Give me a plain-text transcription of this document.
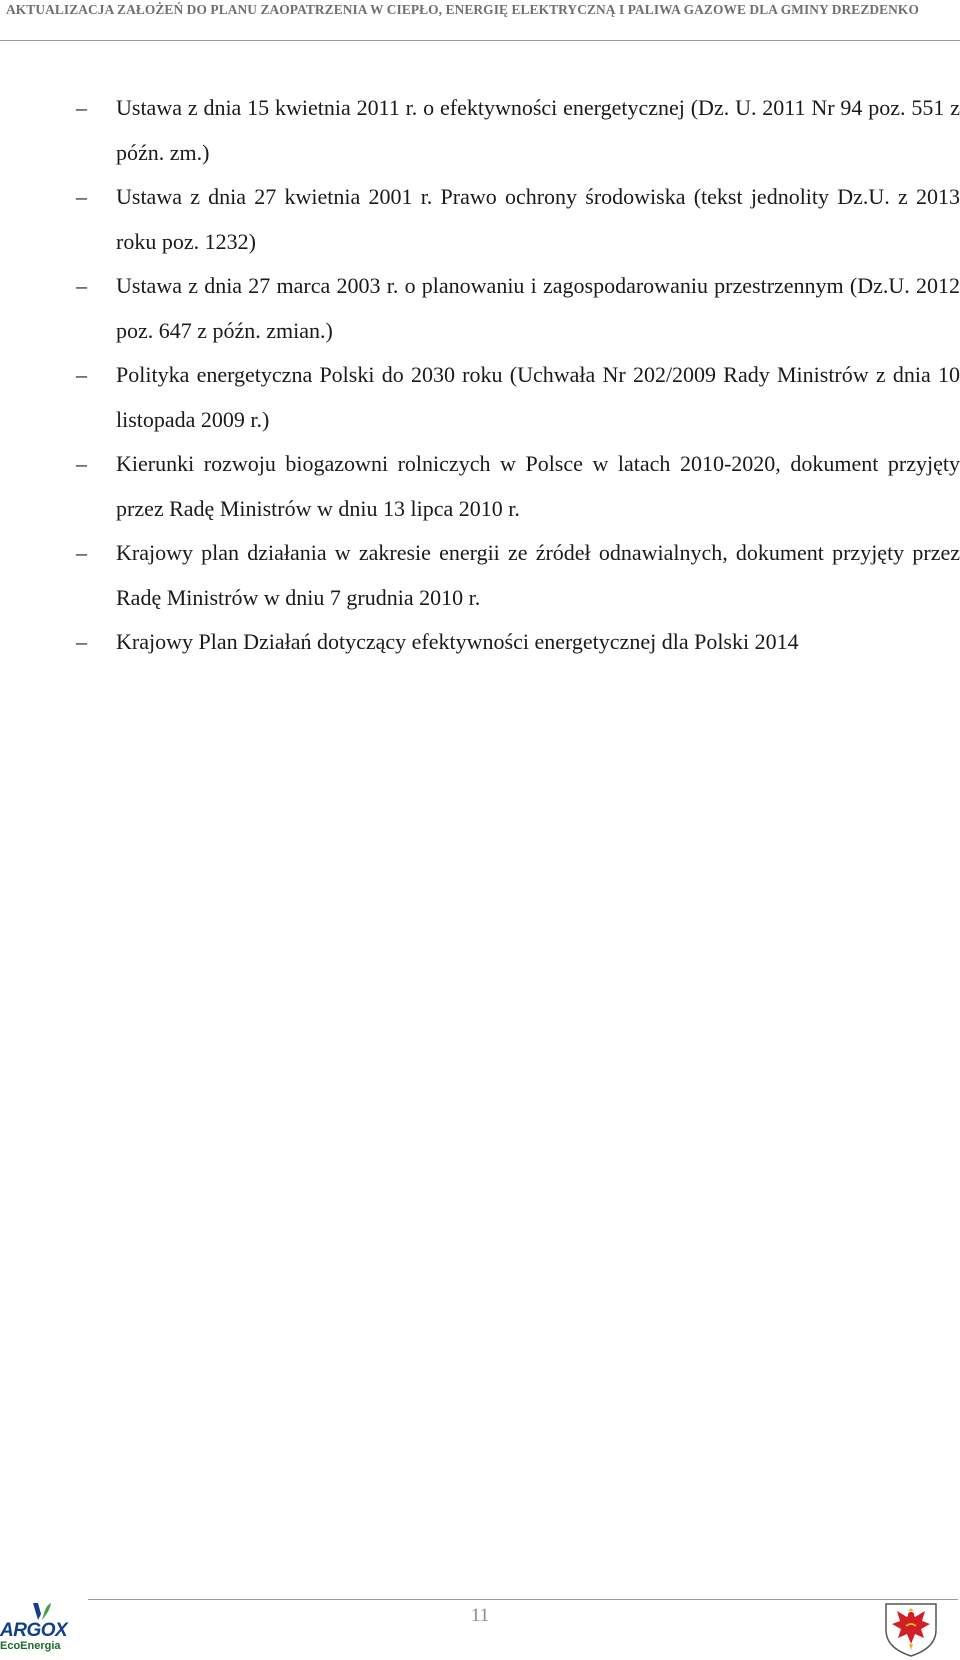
AKTUALIZACJA ZAŁOŻEŃ DO PLANU ZAOPATRZENIA W CIEPŁO, ENERGIĘ ELEKTRYCZNĄ I PALIWA GAZOWE DLA GMINY DREZDENKO
–	Ustawa z dnia 15 kwietnia 2011 r. o efektywności energetycznej (Dz. U. 2011 Nr 94 poz. 551 z późn. zm.)
–	Ustawa z dnia 27 kwietnia 2001 r. Prawo ochrony środowiska (tekst jednolity Dz.U. z 2013 roku poz. 1232)
–	Ustawa z dnia 27 marca 2003 r. o planowaniu i zagospodarowaniu przestrzennym (Dz.U. 2012 poz. 647 z późn. zmian.)
–	Polityka energetyczna Polski do 2030 roku (Uchwała Nr 202/2009 Rady Ministrów z dnia 10 listopada 2009 r.)
–	Kierunki rozwoju biogazowni rolniczych w Polsce w latach 2010-2020, dokument przyjęty przez Radę Ministrów w dniu 13 lipca 2010 r.
–	Krajowy plan działania w zakresie energii ze źródeł odnawialnych, dokument przyjęty przez Radę Ministrów w dniu 7 grudnia 2010 r.
–	Krajowy Plan Działań dotyczący efektywności energetycznej dla Polski 2014
11
ARGOX
EcoEnergia
